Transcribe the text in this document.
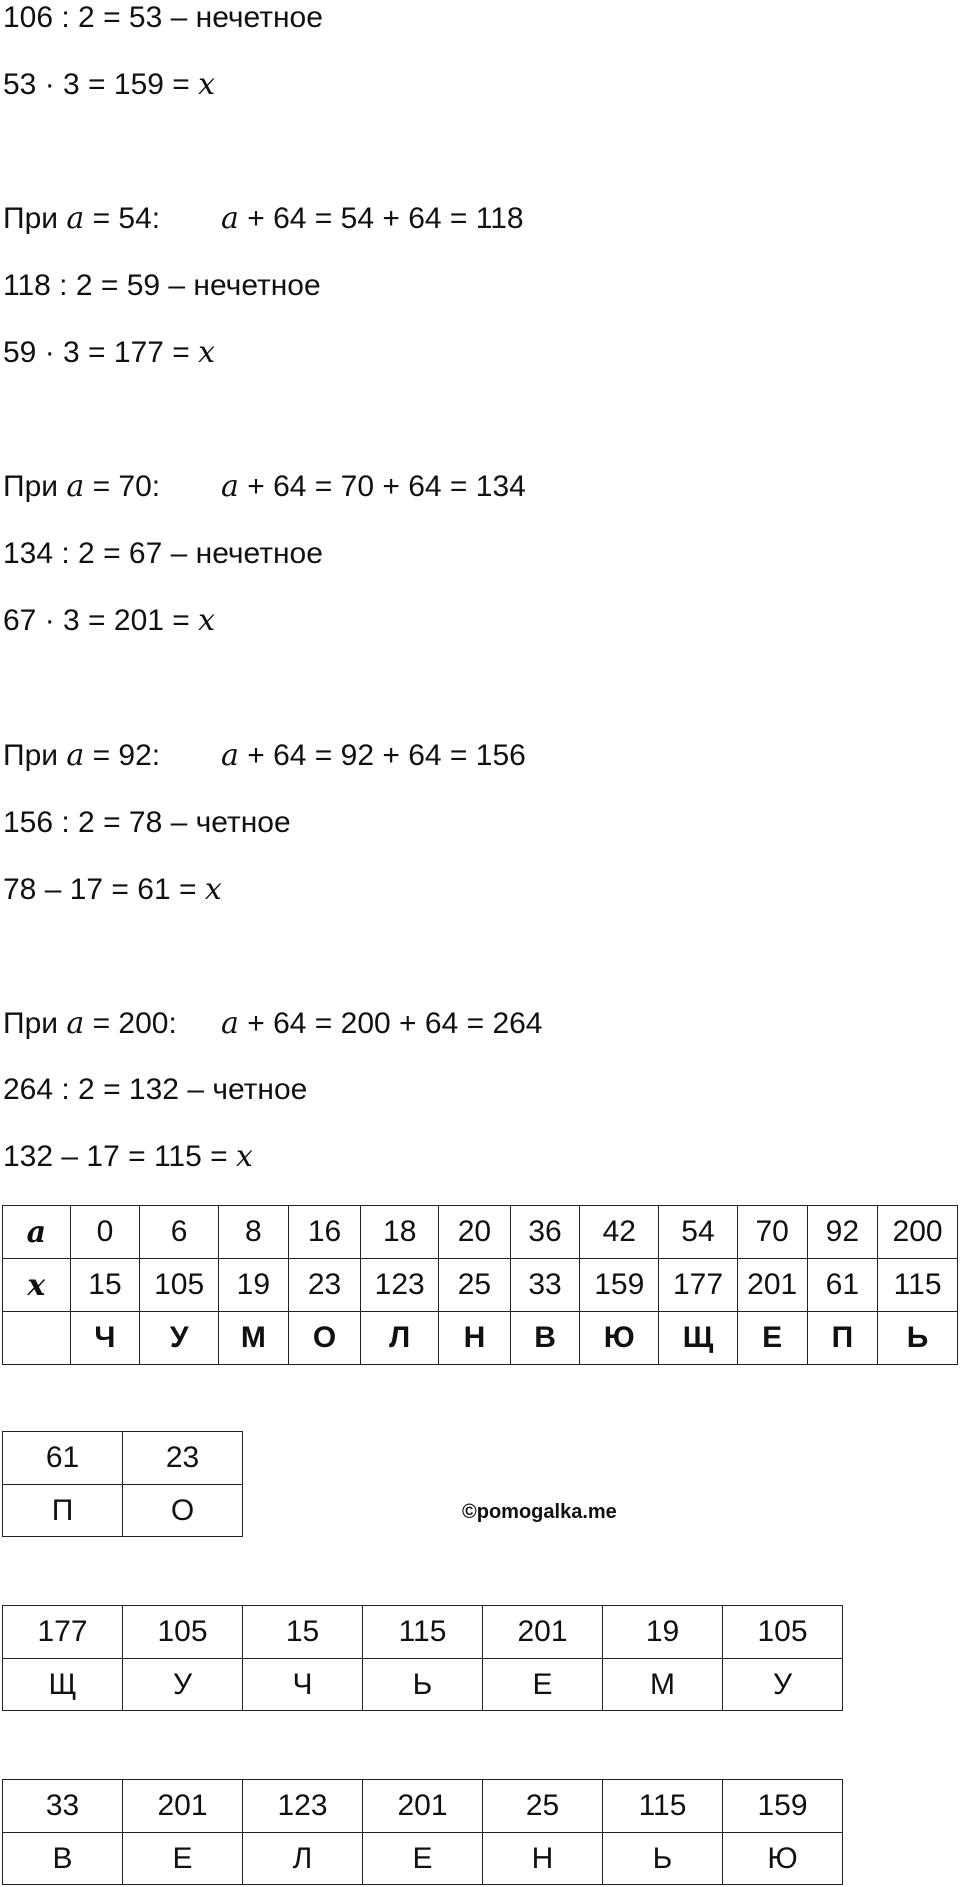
106 : 2 = 53 – нечетное
53 · 3 = 159 = x
При a = 54: a + 64 = 54 + 64 = 118
118 : 2 = 59 – нечетное
59 · 3 = 177 = x
При a = 70: a + 64 = 70 + 64 = 134
134 : 2 = 67 – нечетное
67 · 3 = 201 = x
При a = 92: a + 64 = 92 + 64 = 156
156 : 2 = 78 – четное
78 – 17 = 61 = x
При a = 200: a + 64 = 200 + 64 = 264
264 : 2 = 132 – четное
132 – 17 = 115 = x
a	0	6	8	16	18	20	36	42	54	70	92	200
x	15	105	19	23	123	25	33	159	177	201	61	115
	Ч	У	М	О	Л	Н	В	Ю	Щ	Е	П	Ь
61	23
П	О	©pomogalka.me
177	105	15	115	201	19	105
Щ	У	Ч	Ь	Е	М	У
33	201	123	201	25	115	159
В	Е	Л	Е	Н	Ь	Ю
